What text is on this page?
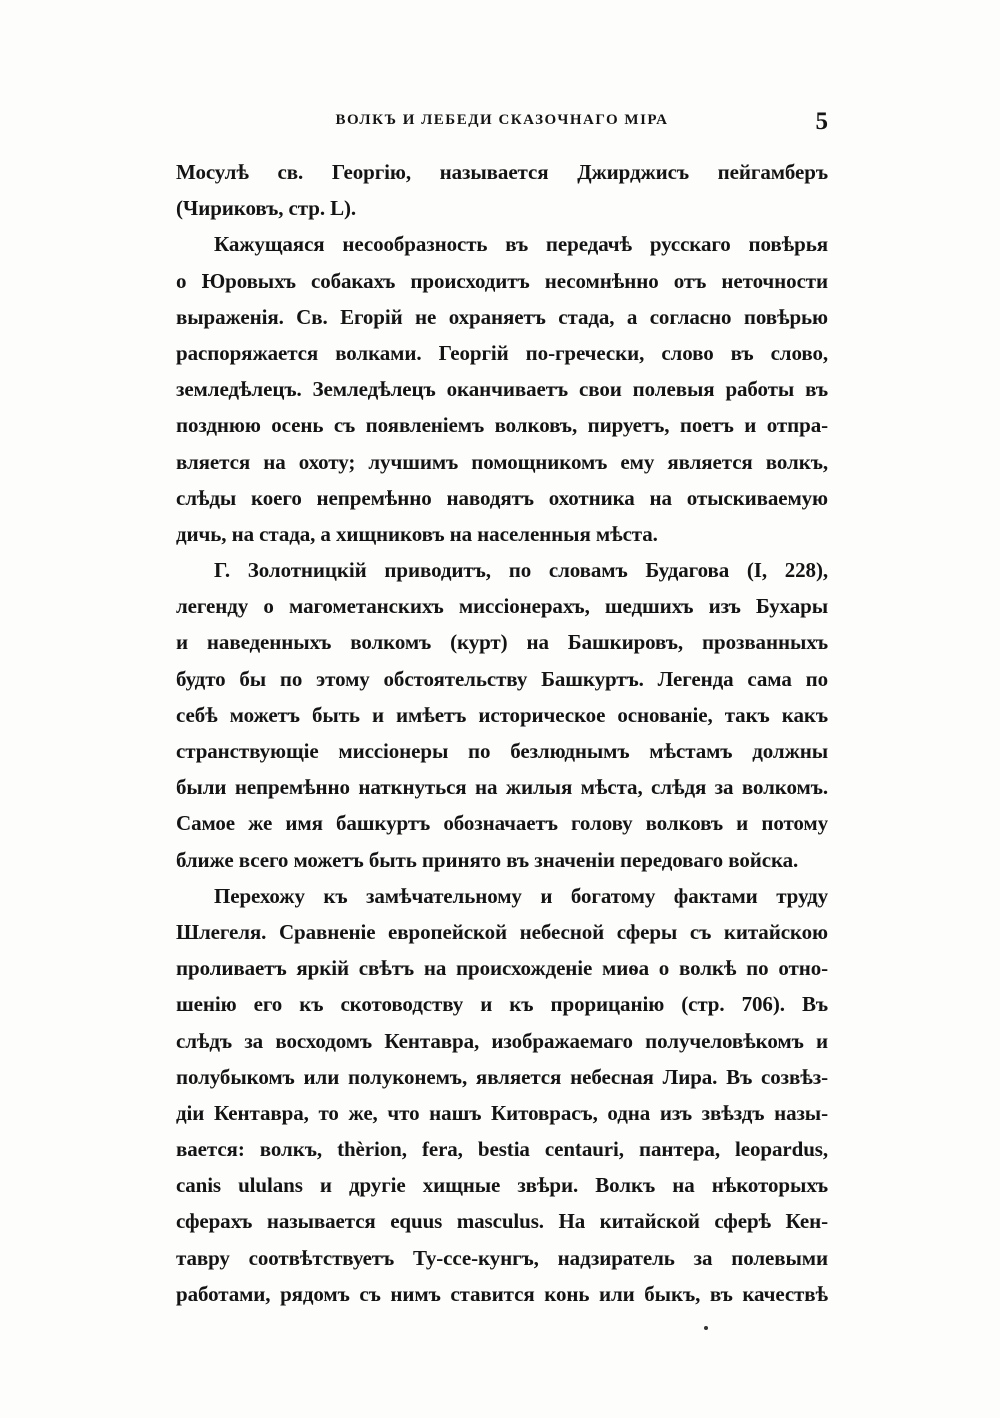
ВОЛКЪ И ЛЕБЕДИ СКАЗОЧНАГО МІРА	5
Мосулѣ св. Георгію, называется Джирджисъ пейгамберъ
(Чириковъ, стр. L).
Кажущаяся несообразность въ передачѣ русскаго повѣрья
о Юровыхъ собакахъ происходитъ несомнѣнно отъ неточности
выраженія. Св. Егорій не охраняетъ стада, а согласно повѣрью
распоряжается волками. Георгій по-гречески, слово въ слово,
земледѣлецъ. Земледѣлецъ оканчиваетъ свои полевыя работы въ
позднюю осень съ появленіемъ волковъ, пируетъ, поетъ и отпра-
вляется на охоту; лучшимъ помощникомъ ему является волкъ,
слѣды коего непремѣнно наводятъ охотника на отыскиваемую
дичь, на стада, а хищниковъ на населенныя мѣста.
Г. Золотницкій приводитъ, по словамъ Будагова (I, 228),
легенду о магометанскихъ миссіонерахъ, шедшихъ изъ Бухары
и наведенныхъ волкомъ (курт) на Башкировъ, прозванныхъ
будто бы по этому обстоятельству Башкуртъ. Легенда сама по
себѣ можетъ быть и имѣетъ историческое основаніе, такъ какъ
странствующіе миссіонеры по безлюднымъ мѣстамъ должны
были непремѣнно наткнуться на жилыя мѣста, слѣдя за волкомъ.
Самое же имя башкуртъ обозначаетъ голову волковъ и потому
ближе всего можетъ быть принято въ значеніи передоваго войска.
Перехожу къ замѣчательному и богатому фактами труду
Шлегеля. Сравненіе европейской небесной сферы съ китайскою
проливаетъ яркій свѣтъ на происхожденіе миѳа о волкѣ по отно-
шенію его къ скотоводству и къ прорицанію (стр. 706). Въ
слѣдъ за восходомъ Кентавра, изображаемаго получеловѣкомъ и
полубыкомъ или полуконемъ, является небесная Лира. Въ созвѣз-
діи Кентавра, то же, что нашъ Китоврасъ, одна изъ звѣздъ назы-
вается: волкъ, thèrion, fera, bestia centauri, пантера, leopardus,
canis ululans и другіе хищные звѣри. Волкъ на нѣкоторыхъ
сферахъ называется equus masculus. На китайской сферѣ Кен-
тавру соотвѣтствуетъ Ту-ссе-кунгъ, надзиратель за полевыми
работами, рядомъ съ нимъ ставится конь или быкъ, въ качествѣ
